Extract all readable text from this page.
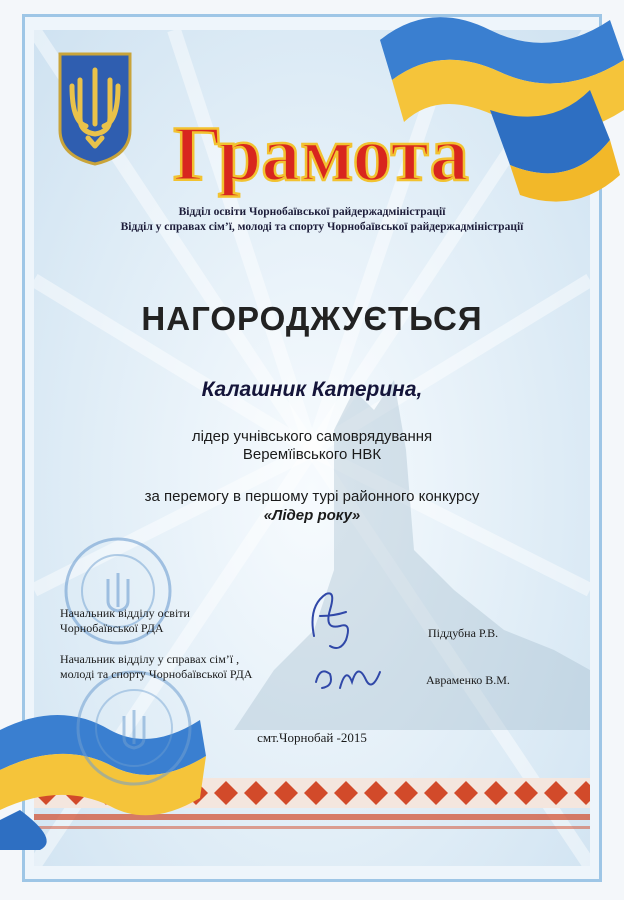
Грамота
Відділ освіти Чорнобаївської райдержадміністрації
Відділ у справах сім’ї, молоді та спорту Чорнобаївської райдержадміністрації
НАГОРОДЖУЄТЬСЯ
Калашник Катерина,
лідер учнівського самоврядування
Веремїівського НВК
за перемогу в першому турі районного конкурсу
«Лідер року»
Начальник відділу освіти
Чорнобаївської РДА	Піддубна Р.В.
Начальник відділу у справах сім’ї ,
молоді та спорту Чорнобаївської РДА	Авраменко В.М.
смт.Чорнобай -2015
